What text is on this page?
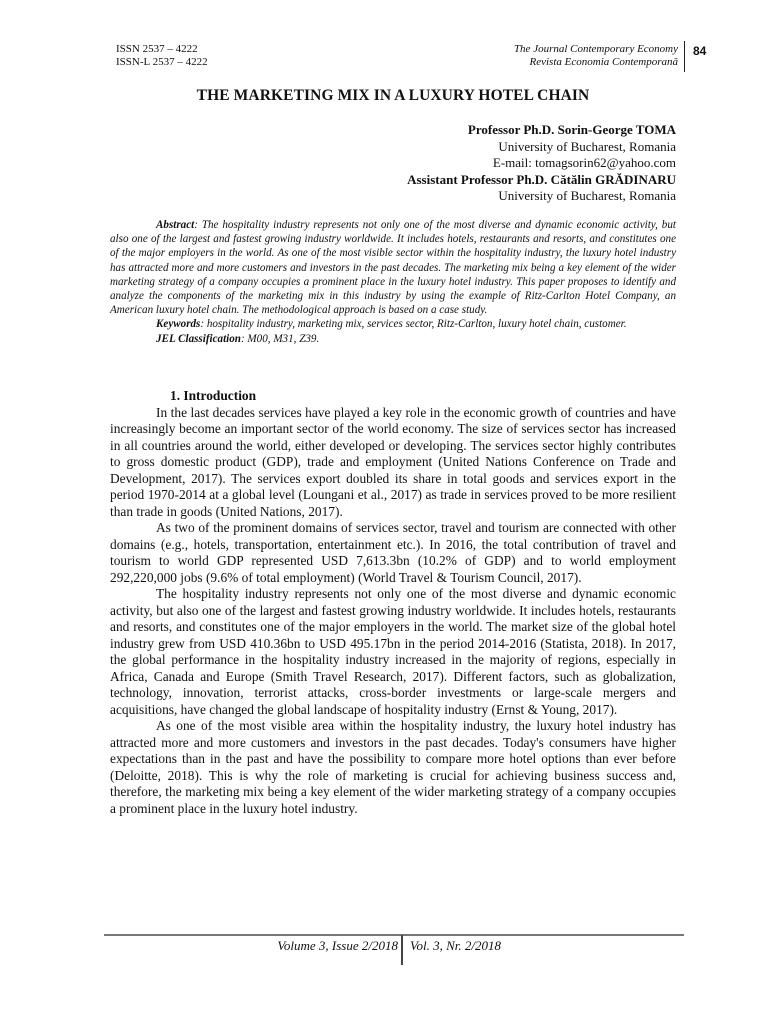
ISSN 2537 – 4222
ISSN-L 2537 – 4222
The Journal Contemporary Economy
Revista Economia Contemporană
84
THE MARKETING MIX IN A LUXURY HOTEL CHAIN
Professor Ph.D. Sorin-George TOMA
University of Bucharest, Romania
E-mail: tomagsorin62@yahoo.com
Assistant Professor Ph.D. Cătălin GRĂDINARU
University of Bucharest, Romania

Abstract: The hospitality industry represents not only one of the most diverse and dynamic economic activity, but also one of the largest and fastest growing industry worldwide. It includes hotels, restaurants and resorts, and constitutes one of the major employers in the world. As one of the most visible sector within the hospitality industry, the luxury hotel industry has attracted more and more customers and investors in the past decades. The marketing mix being a key element of the wider marketing strategy of a company occupies a prominent place in the luxury hotel industry. This paper proposes to identify and analyze the components of the marketing mix in this industry by using the example of Ritz-Carlton Hotel Company, an American luxury hotel chain. The methodological approach is based on a case study.

Keywords: hospitality industry, marketing mix, services sector, Ritz-Carlton, luxury hotel chain, customer.

JEL Classification: M00, M31, Z39.

1. Introduction

In the last decades services have played a key role in the economic growth of countries and have increasingly become an important sector of the world economy. The size of services sector has increased in all countries around the world, either developed or developing. The services sector highly contributes to gross domestic product (GDP), trade and employment (United Nations Conference on Trade and Development, 2017). The services export doubled its share in total goods and services export in the period 1970-2014 at a global level (Loungani et al., 2017) as trade in services proved to be more resilient than trade in goods (United Nations, 2017).

As two of the prominent domains of services sector, travel and tourism are connected with other domains (e.g., hotels, transportation, entertainment etc.). In 2016, the total contribution of travel and tourism to world GDP represented USD 7,613.3bn (10.2% of GDP) and to world employment 292,220,000 jobs (9.6% of total employment) (World Travel & Tourism Council, 2017).

The hospitality industry represents not only one of the most diverse and dynamic economic activity, but also one of the largest and fastest growing industry worldwide. It includes hotels, restaurants and resorts, and constitutes one of the major employers in the world. The market size of the global hotel industry grew from USD 410.36bn to USD 495.17bn in the period 2014-2016 (Statista, 2018). In 2017, the global performance in the hospitality industry increased in the majority of regions, especially in Africa, Canada and Europe (Smith Travel Research, 2017). Different factors, such as globalization, technology, innovation, terrorist attacks, cross-border investments or large-scale mergers and acquisitions, have changed the global landscape of hospitality industry (Ernst & Young, 2017).

As one of the most visible area within the hospitality industry, the luxury hotel industry has attracted more and more customers and investors in the past decades. Today's consumers have higher expectations than in the past and have the possibility to compare more hotel options than ever before (Deloitte, 2018). This is why the role of marketing is crucial for achieving business success and, therefore, the marketing mix being a key element of the wider marketing strategy of a company occupies a prominent place in the luxury hotel industry.

Volume 3, Issue 2/2018 Vol. 3, Nr. 2/2018
